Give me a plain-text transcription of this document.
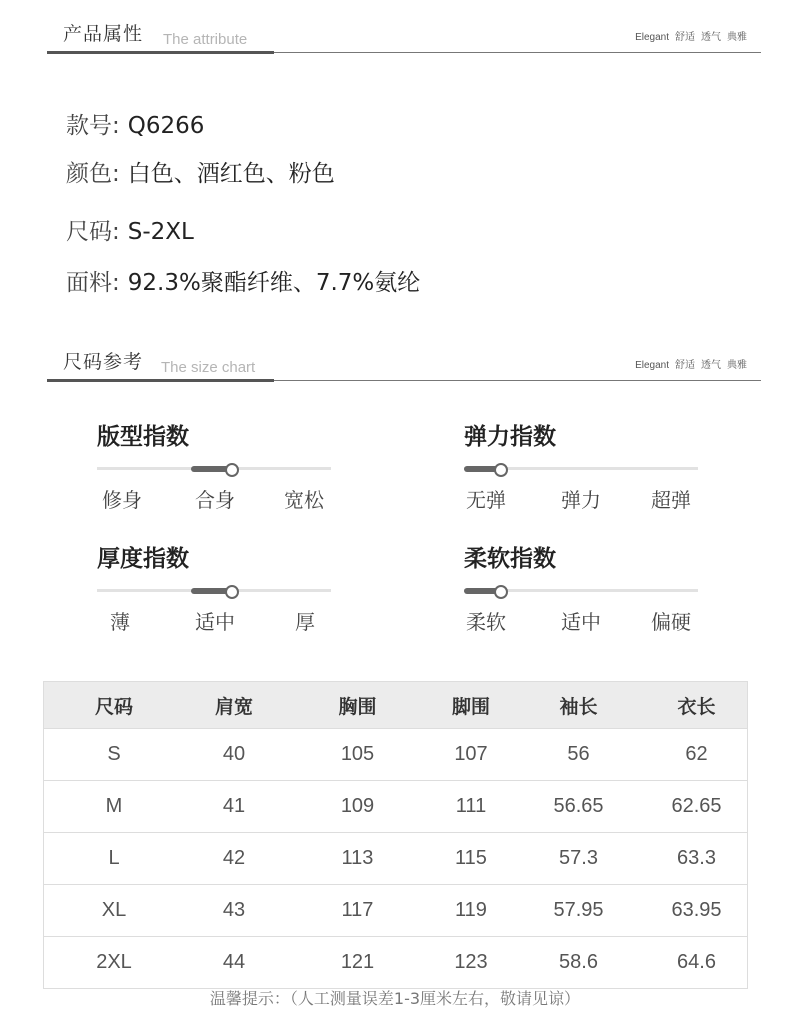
产品属性 The attribute	Elegant 舒适 透气 典雅
款号: Q6266
颜色: 白色、酒红色、粉色
尺码: S-2XL
面料: 92.3%聚酯纤维、7.7%氨纶
尺码参考 The size chart	Elegant 舒适 透气 典雅
版型指数
修身	合身 宽松
弹力指数
无弹	弹力	超弹
厚度指数
薄	适中	厚
柔软指数
柔软	适中	偏硬
尺码	肩宽	胸围	脚围	袖长	衣长
S	40	105	107	56	62
M	41	109	111	56.65	62.65
L	42	113	115	57.3	63.3
XL	43	117	119	57.95	63.95
2XL	44	121	123	58.6	64.6
温馨提示：（人工测量误差1-3厘米左右，敬请见谅）
